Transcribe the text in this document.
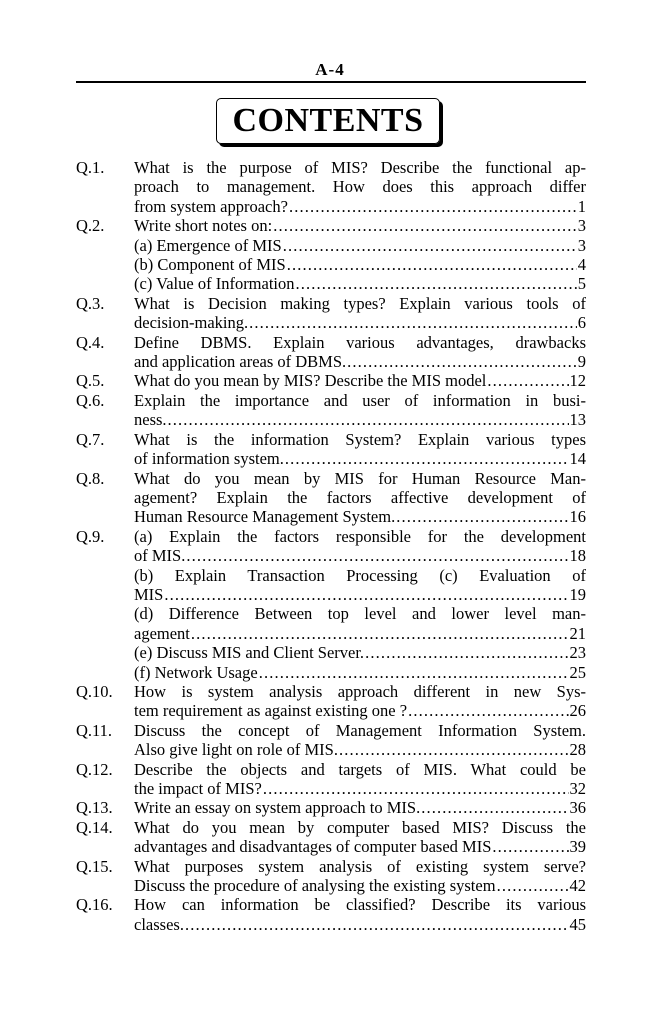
A-4
CONTENTS
Q.1.	What is the purpose of MIS? Describe the functional ap-
proach to management. How does this approach differ
from system approach? . . .	1
Q.2.	Write short notes on: . . .	3
(a) Emergence of MIS . . .	3
(b) Component of MIS . . .	4
(c) Value of Information . . .	5
Q.3.	What is Decision making types? Explain various tools of
decision-making. . . .	6
Q.4.	Define DBMS. Explain various advantages, drawbacks
and application areas of DBMS. . . .	9
Q.5.	What do you mean by MIS? Describe the MIS model . . .	12
Q.6.	Explain the importance and user of information in busi-
ness. . . .	13
Q.7.	What is the information System? Explain various types
of information system. . . .	14
Q.8.	What do you mean by MIS for Human Resource Man-
agement? Explain the factors affective development of
Human Resource Management System. . . .	16
Q.9.	(a) Explain the factors responsible for the development
of MIS. . . .	18
(b) Explain Transaction Processing (c) Evaluation of
MIS . . .	19
(d) Difference Between top level and lower level man-
agement . . .	21
(e) Discuss MIS and Client Server. . . .	23
(f) Network Usage . . .	25
Q.10.	How is system analysis approach different in new Sys-
tem requirement as against existing one ? . . .	26
Q.11.	Discuss the concept of Management Information System.
Also give light on role of MIS. . . .	28
Q.12.	Describe the objects and targets of MIS. What could be
the impact of MIS? . . .	32
Q.13.	Write an essay on system approach to MIS. . . .	36
Q.14.	What do you mean by computer based MIS? Discuss the
advantages and disadvantages of computer based MIS . . .	39
Q.15.	What purposes system analysis of existing system serve?
Discuss the procedure of analysing the existing system . . .	42
Q.16.	How can information be classified? Describe its various
classes. . . .	45
